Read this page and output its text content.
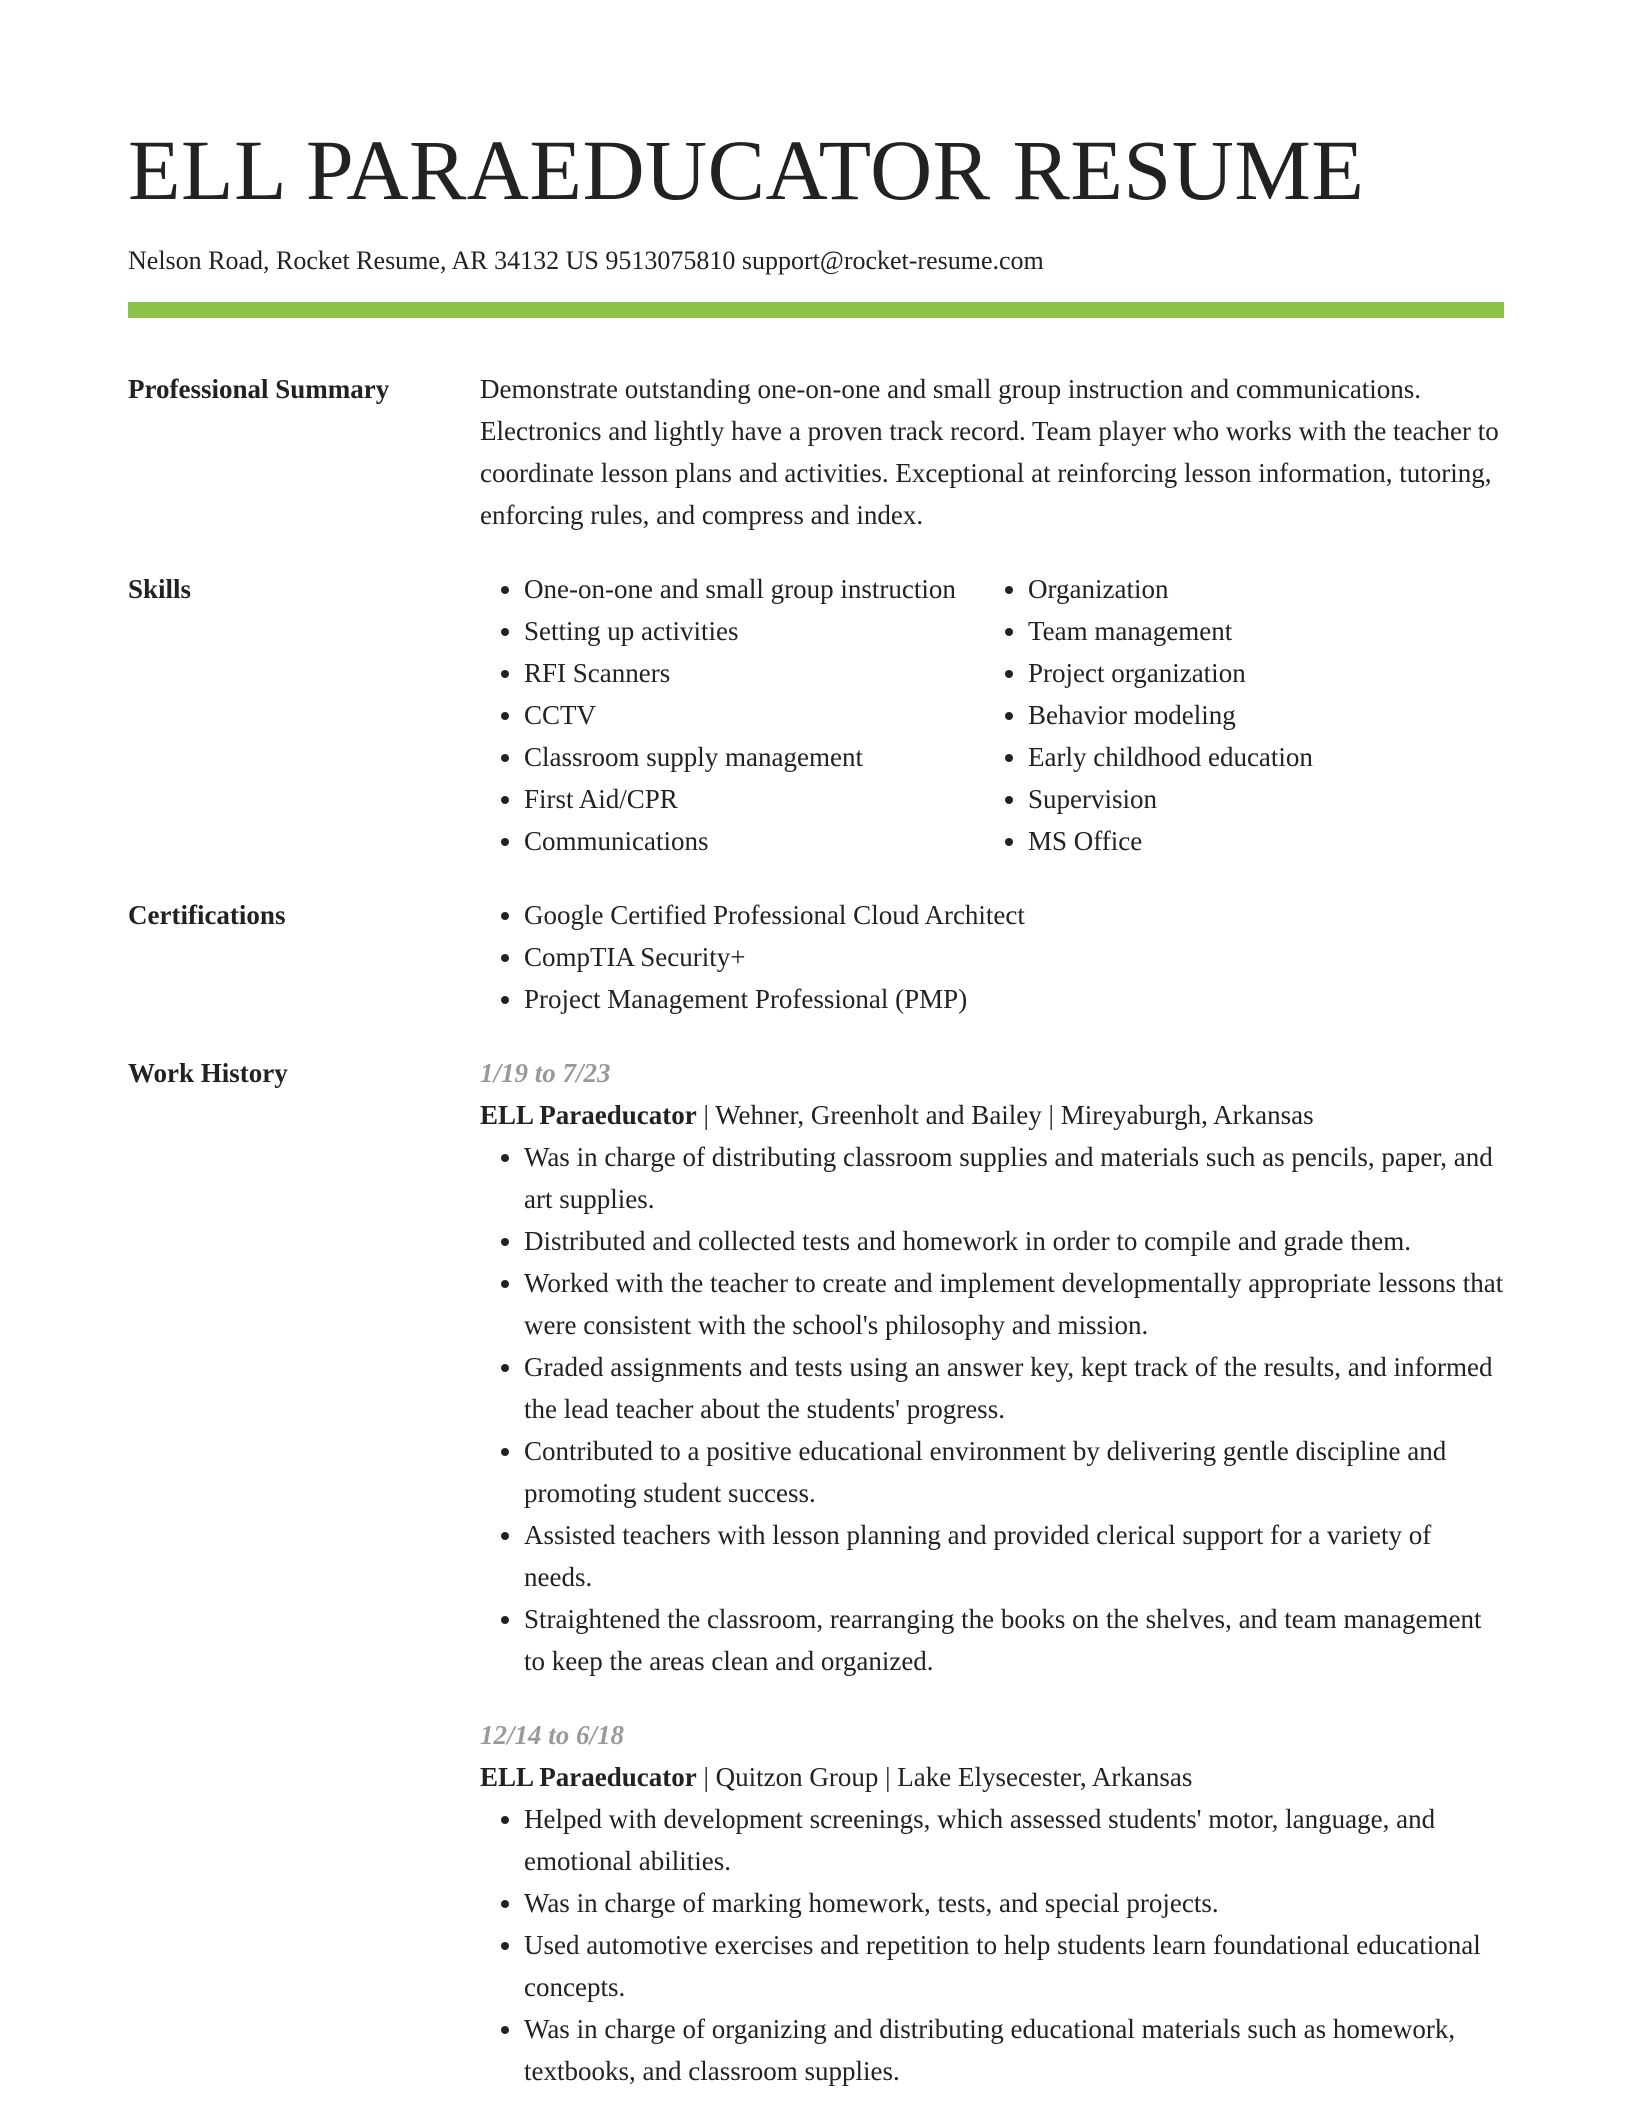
ELL PARAEDUCATOR RESUME
Nelson Road, Rocket Resume, AR 34132 US 9513075810 support@rocket-resume.com
Professional Summary	Demonstrate outstanding one-on-one and small group instruction and communications. Electronics and lightly have a proven track record. Team player who works with the teacher to coordinate lesson plans and activities. Exceptional at reinforcing lesson information, tutoring, enforcing rules, and compress and index.
Skills	• One-on-one and small group instruction
• Setting up activities
• RFI Scanners
• CCTV
• Classroom supply management
• First Aid/CPR
• Communications
• Organization
• Team management
• Project organization
• Behavior modeling
• Early childhood education
• Supervision
• MS Office
Certifications	• Google Certified Professional Cloud Architect
• CompTIA Security+
• Project Management Professional (PMP)
Work History	1/19 to 7/23
ELL Paraeducator | Wehner, Greenholt and Bailey | Mireyaburgh, Arkansas
• Was in charge of distributing classroom supplies and materials such as pencils, paper, and art supplies.
• Distributed and collected tests and homework in order to compile and grade them.
• Worked with the teacher to create and implement developmentally appropriate lessons that were consistent with the school's philosophy and mission.
• Graded assignments and tests using an answer key, kept track of the results, and informed the lead teacher about the students' progress.
• Contributed to a positive educational environment by delivering gentle discipline and promoting student success.
• Assisted teachers with lesson planning and provided clerical support for a variety of needs.
• Straightened the classroom, rearranging the books on the shelves, and team management to keep the areas clean and organized.
12/14 to 6/18
ELL Paraeducator | Quitzon Group | Lake Elysecester, Arkansas
• Helped with development screenings, which assessed students' motor, language, and emotional abilities.
• Was in charge of marking homework, tests, and special projects.
• Used automotive exercises and repetition to help students learn foundational educational concepts.
• Was in charge of organizing and distributing educational materials such as homework, textbooks, and classroom supplies.
